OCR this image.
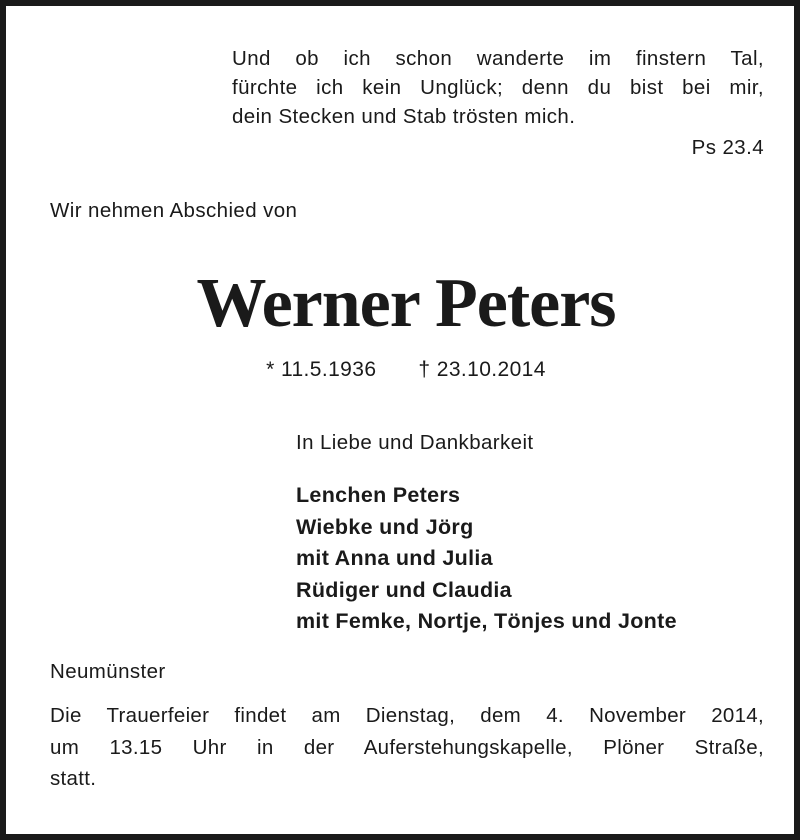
Und ob ich schon wanderte im finstern Tal,
fürchte ich kein Unglück; denn du bist bei mir,
dein Stecken und Stab trösten mich.
Ps 23.4
Wir nehmen Abschied von
Werner Peters
* 11.5.1936 † 23.10.2014
In Liebe und Dankbarkeit
Lenchen Peters
Wiebke und Jörg
mit Anna und Julia
Rüdiger und Claudia
mit Femke, Nortje, Tönjes und Jonte
Neumünster
Die Trauerfeier findet am Dienstag, dem 4. November 2014,
um 13.15 Uhr in der Auferstehungskapelle, Plöner Straße,
statt.
